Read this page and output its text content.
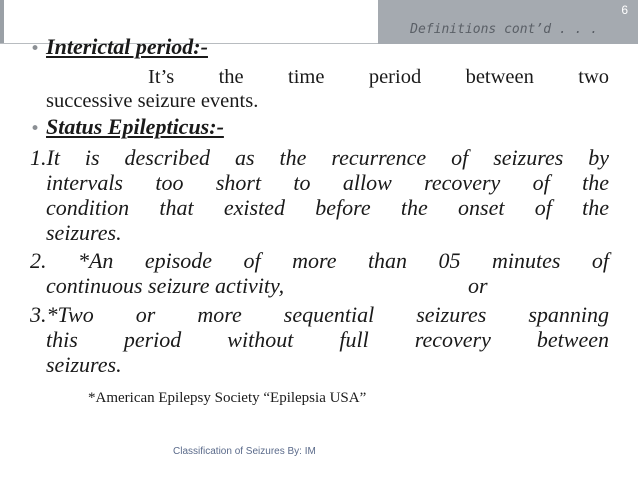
6
Definitions cont’d . . .
• Interictal period:-
It’s the time period between two
successive seizure events.
• Status Epilepticus:-
1.It is described as the recurrence of seizures by
intervals too short to allow recovery of the
condition that existed before the onset of the
seizures.
2. *An episode of more than 05 minutes of
continuous seizure activity,	or
3.*Two or more sequential seizures spanning
this period without full recovery between
seizures.
*American Epilepsy Society “Epilepsia USA”
Classification of Seizures By: IM
